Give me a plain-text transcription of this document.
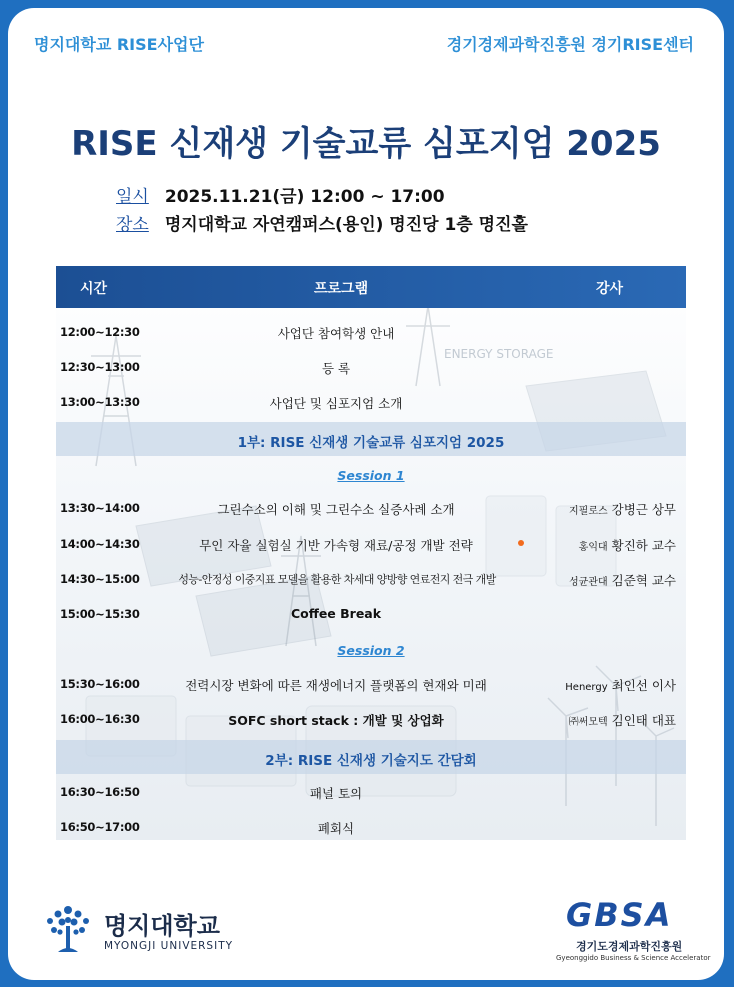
명지대학교 RISE사업단	경기경제과학진흥원 경기RISE센터
RISE 신재생 기술교류 심포지엄 2025
일시 2025.11.21(금) 12:00 ~ 17:00
장소 명지대학교 자연캠퍼스(용인) 명진당 1층 명진홀
ENERGY STORAGE
시간	프로그램	강사
12:00~12:30	사업단 참여학생 안내
12:30~13:00	등 록
13:00~13:30	사업단 및 심포지엄 소개
1부: RISE 신재생 기술교류 심포지엄 2025
Session 1
13:30~14:00	그린수소의 이해 및 그린수소 실증사례 소개	지필로스 강병근 상무
14:00~14:30	무인 자율 실험실 기반 가속형 재료/공정 개발 전략	홍익대 황진하 교수
14:30~15:00	성능-안정성 이중지표 모델을 활용한 차세대 양방향 연료전지 전극 개발	성균관대 김준혁 교수
15:00~15:30	Coffee Break
Session 2
15:30~16:00	전력시장 변화에 따른 재생에너지 플랫폼의 현재와 미래	Henergy 최인선 이사
16:00~16:30	SOFC short stack : 개발 및 상업화	㈜써모텍 김인태 대표
2부: RISE 신재생 기술지도 간담회
16:30~16:50	패널 토의
16:50~17:00	폐회식
명지대학교
MYONGJI UNIVERSITY
GBSA
경기도경제과학진흥원
Gyeonggido Business & Science Accelerator
